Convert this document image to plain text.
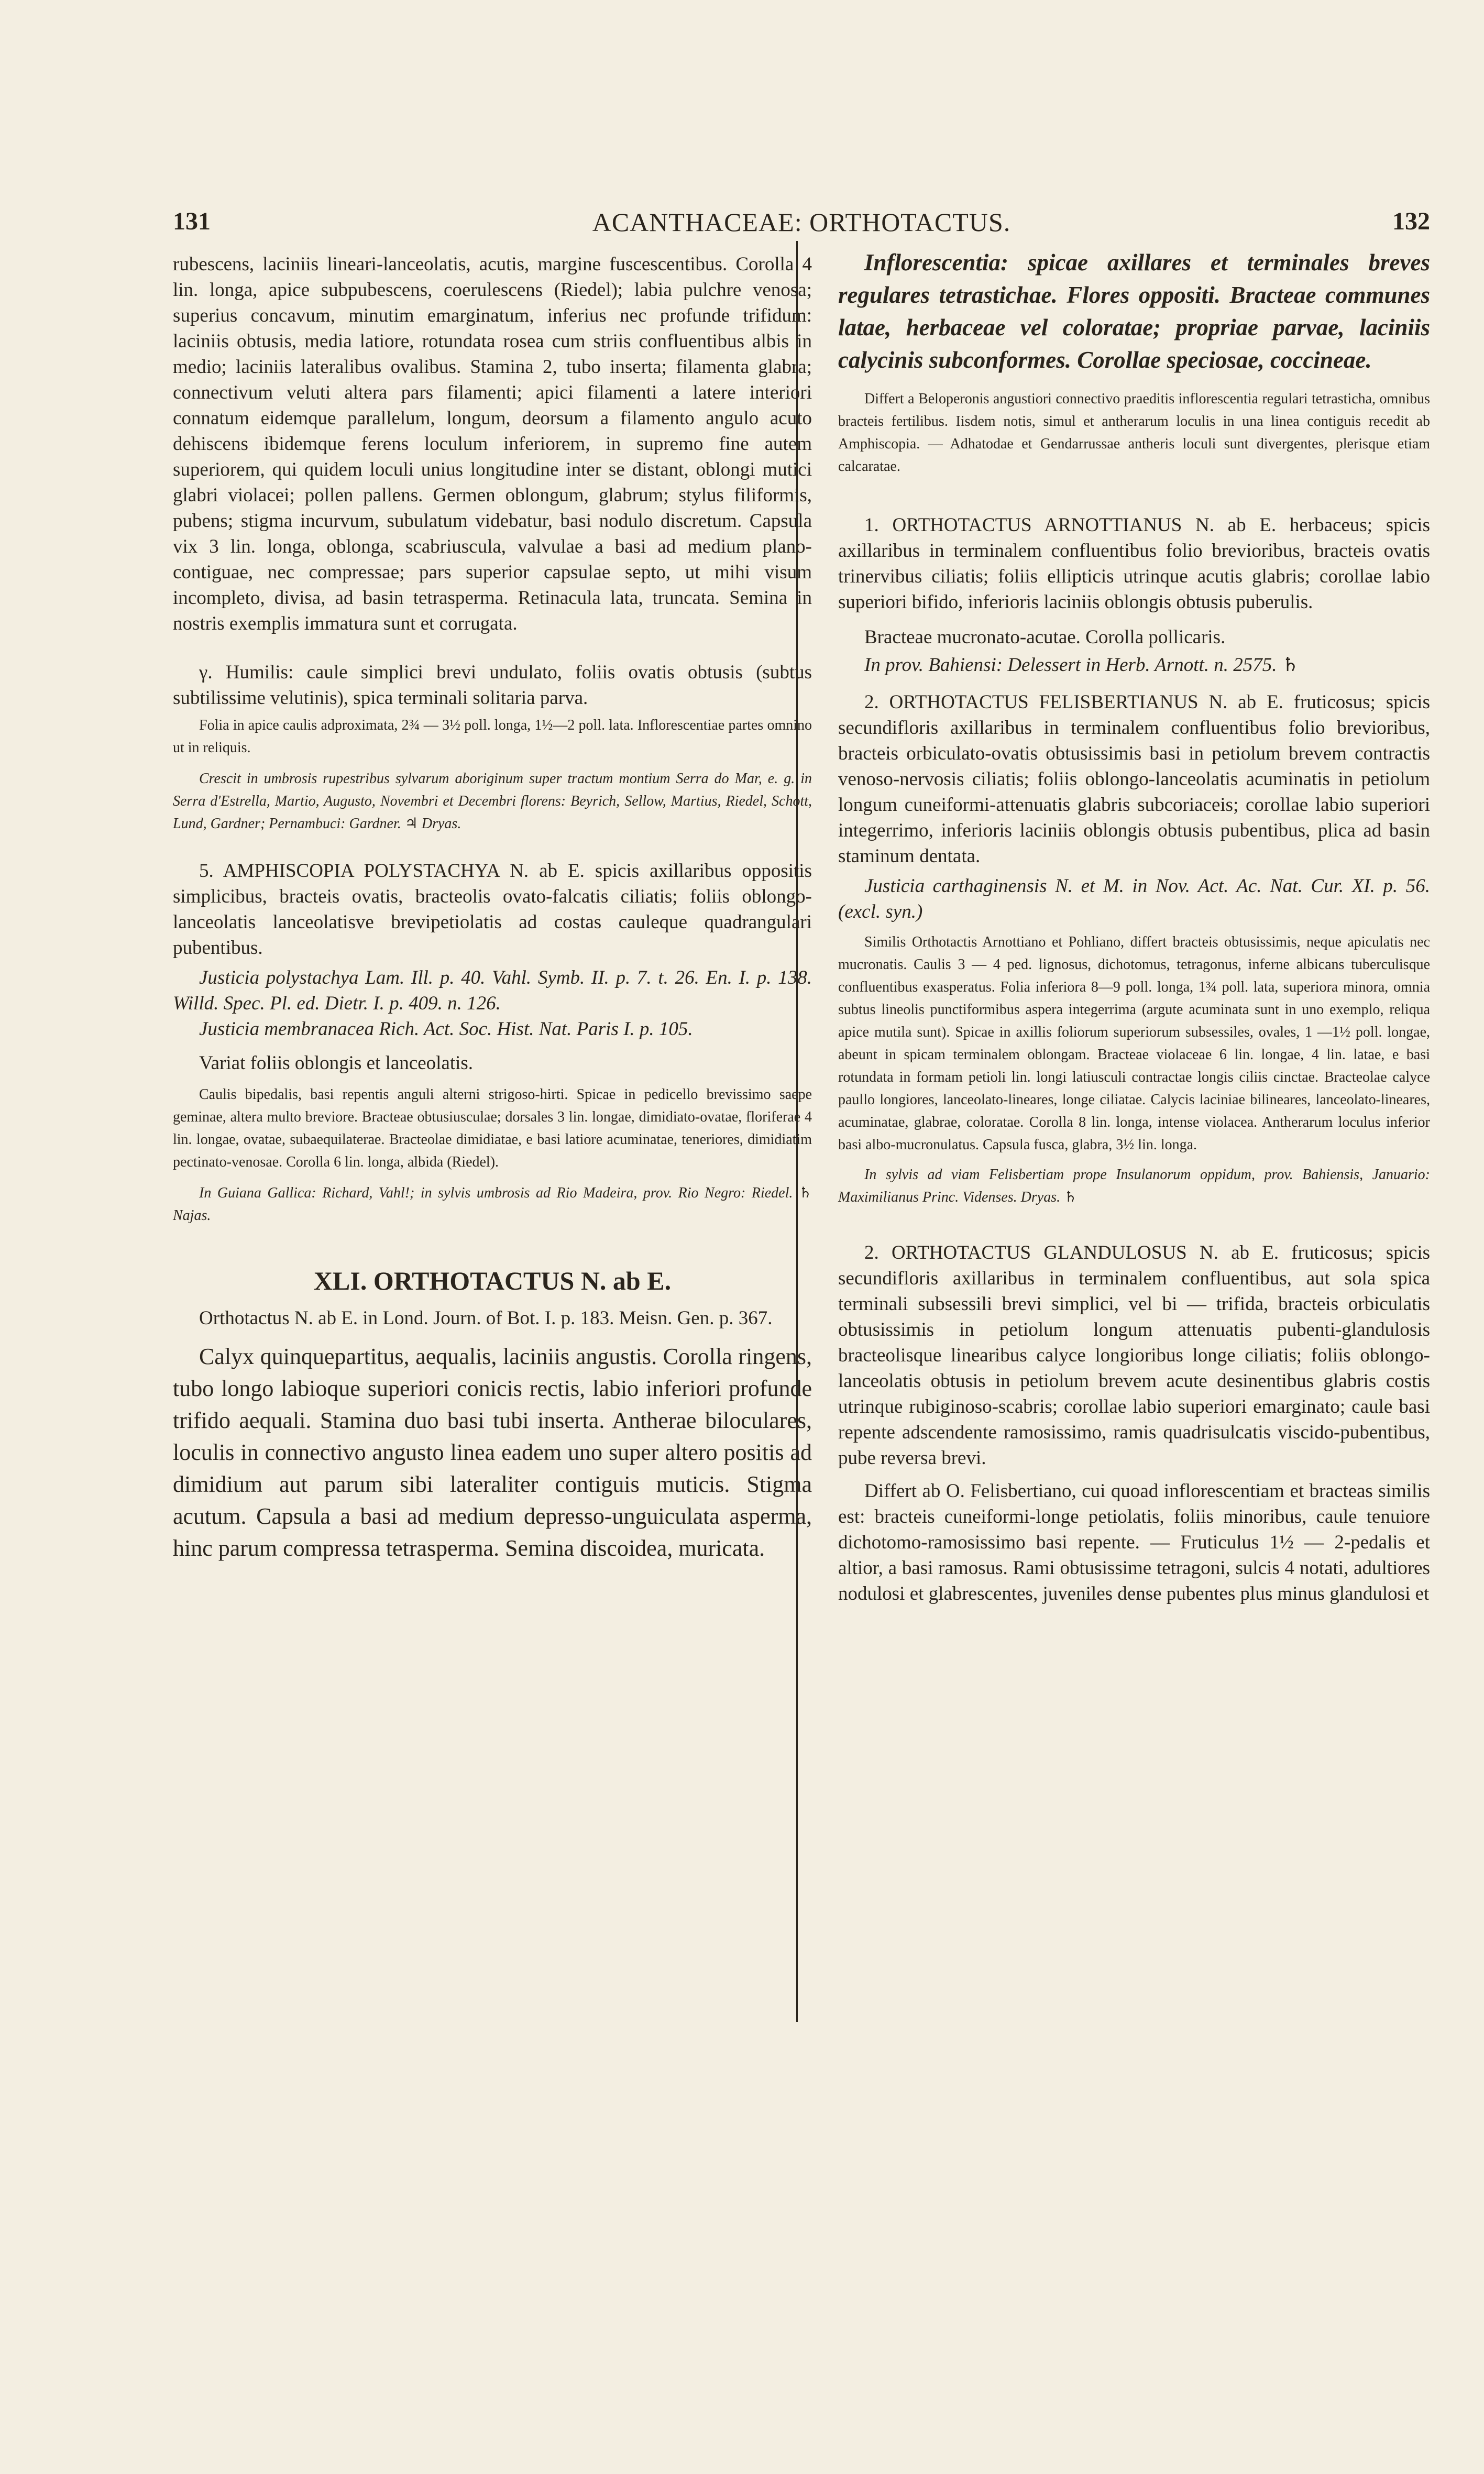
131	ACANTHACEAE: ORTHOTACTUS.	132

rubescens, laciniis lineari-lanceolatis, acutis, margine fuscescentibus. Corolla 4 lin. longa, apice subpubescens, coerulescens (Riedel); labia pulchre venosa; superius concavum, minutim emarginatum, inferius nec profunde trifidum: laciniis obtusis, media latiore, rotundata rosea cum striis confluentibus albis in medio; laciniis lateralibus ovalibus. Stamina 2, tubo inserta; filamenta glabra; connectivum veluti altera pars filamenti; apici filamenti a latere interiori connatum eidemque parallelum, longum, deorsum a filamento angulo acuto dehiscens ibidemque ferens loculum inferiorem, in supremo fine autem superiorem, qui quidem loculi unius longitudine inter se distant, oblongi mutici glabri violacei; pollen pallens. Germen oblongum, glabrum; stylus filiformis, pubens; stigma incurvum, subulatum videbatur, basi nodulo discretum. Capsula vix 3 lin. longa, oblonga, scabriuscula, valvulae a basi ad medium plano-contiguae, nec compressae; pars superior capsulae septo, ut mihi visum incompleto, divisa, ad basin tetrasperma. Retinacula lata, truncata. Semina in nostris exemplis immatura sunt et corrugata.

γ. Humilis: caule simplici brevi undulato, foliis ovatis obtusis (subtus subtilissime velutinis), spica terminali solitaria parva.

Folia in apice caulis adproximata, 2¾ — 3½ poll. longa, 1½—2 poll. lata. Inflorescentiae partes omnino ut in reliquis.

Crescit in umbrosis rupestribus sylvarum aboriginum super tractum montium Serra do Mar, e. g. in Serra d'Estrella, Martio, Augusto, Novembri et Decembri florens: Beyrich, Sellow, Martius, Riedel, Schott, Lund, Gardner; Pernambuci: Gardner. ♃ Dryas.

5. AMPHISCOPIA POLYSTACHYA N. ab E. spicis axillaribus oppositis simplicibus, bracteis ovatis, bracteolis ovato-falcatis ciliatis; foliis oblongo-lanceolatis lanceolatisve brevipetiolatis ad costas cauleque quadrangulari pubentibus.

Justicia polystachya Lam. Ill. p. 40. Vahl. Symb. II. p. 7. t. 26. En. I. p. 138. Willd. Spec. Pl. ed. Dietr. I. p. 409. n. 126.

Justicia membranacea Rich. Act. Soc. Hist. Nat. Paris I. p. 105.

Variat foliis oblongis et lanceolatis.

Caulis bipedalis, basi repentis anguli alterni strigoso-hirti. Spicae in pedicello brevissimo saepe geminae, altera multo breviore. Bracteae obtusiusculae; dorsales 3 lin. longae, dimidiato-ovatae, floriferae 4 lin. longae, ovatae, subaequilaterae. Bracteolae dimidiatae, e basi latiore acuminatae, teneriores, dimidiatim pectinato-venosae. Corolla 6 lin. longa, albida (Riedel).

In Guiana Gallica: Richard, Vahl!; in sylvis umbrosis ad Rio Madeira, prov. Rio Negro: Riedel. ♄ Najas.

XLI. ORTHOTACTUS N. ab E.

Orthotactus N. ab E. in Lond. Journ. of Bot. I. p. 183. Meisn. Gen. p. 367.

Calyx quinquepartitus, aequalis, laciniis angustis. Corolla ringens, tubo longo labioque superiori conicis rectis, labio inferiori profunde trifido aequali. Stamina duo basi tubi inserta. Antherae biloculares, loculis in connectivo angusto linea eadem uno super altero positis ad dimidium aut parum sibi lateraliter contiguis muticis. Stigma acutum. Capsula a basi ad medium depresso-unguiculata asperma, hinc parum compressa tetrasperma. Semina discoidea, muricata.

Inflorescentia: spicae axillares et terminales breves regulares tetrastichae. Flores oppositi. Bracteae communes latae, herbaceae vel coloratae; propriae parvae, laciniis calycinis subconformes. Corollae speciosae, coccineae.

Differt a Beloperonis angustiori connectivo praeditis inflorescentia regulari tetrasticha, omnibus bracteis fertilibus. Iisdem notis, simul et antherarum loculis in una linea contiguis recedit ab Amphiscopia. — Adhatodae et Gendarrussae antheris loculi sunt divergentes, plerisque etiam calcaratae.

1. ORTHOTACTUS ARNOTTIANUS N. ab E. herbaceus; spicis axillaribus in terminalem confluentibus folio brevioribus, bracteis ovatis trinervibus ciliatis; foliis ellipticis utrinque acutis glabris; corollae labio superiori bifido, inferioris laciniis oblongis obtusis puberulis.

Bracteae mucronato-acutae. Corolla pollicaris.

In prov. Bahiensi: Delessert in Herb. Arnott. n. 2575. ♄

2. ORTHOTACTUS FELISBERTIANUS N. ab E. fruticosus; spicis secundifloris axillaribus in terminalem confluentibus folio brevioribus, bracteis orbiculato-ovatis obtusissimis basi in petiolum brevem contractis venoso-nervosis ciliatis; foliis oblongo-lanceolatis acuminatis in petiolum longum cuneiformi-attenuatis glabris subcoriaceis; corollae labio superiori integerrimo, inferioris laciniis oblongis obtusis pubentibus, plica ad basin staminum dentata.

Justicia carthaginensis N. et M. in Nov. Act. Ac. Nat. Cur. XI. p. 56. (excl. syn.)

Similis Orthotactis Arnottiano et Pohliano, differt bracteis obtusissimis, neque apiculatis nec mucronatis. Caulis 3 — 4 ped. lignosus, dichotomus, tetragonus, inferne albicans tuberculisque confluentibus exasperatus. Folia inferiora 8—9 poll. longa, 1¾ poll. lata, superiora minora, omnia subtus lineolis punctiformibus aspera integerrima (argute acuminata sunt in uno exemplo, reliqua apice mutila sunt). Spicae in axillis foliorum superiorum subsessiles, ovales, 1 —1½ poll. longae, abeunt in spicam terminalem oblongam. Bracteae violaceae 6 lin. longae, 4 lin. latae, e basi rotundata in formam petioli lin. longi latiusculi contractae longis ciliis cinctae. Bracteolae calyce paullo longiores, lanceolato-lineares, longe ciliatae. Calycis laciniae bilineares, lanceolato-lineares, acuminatae, glabrae, coloratae. Corolla 8 lin. longa, intense violacea. Antherarum loculus inferior basi albo-mucronulatus. Capsula fusca, glabra, 3½ lin. longa.

In sylvis ad viam Felisbertiam prope Insulanorum oppidum, prov. Bahiensis, Januario: Maximilianus Princ. Videnses. Dryas. ♄

2. ORTHOTACTUS GLANDULOSUS N. ab E. fruticosus; spicis secundifloris axillaribus in terminalem confluentibus, aut sola spica terminali subsessili brevi simplici, vel bi — trifida, bracteis orbiculatis obtusissimis in petiolum longum attenuatis pubenti-glandulosis bracteolisque linearibus calyce longioribus longe ciliatis; foliis oblongo-lanceolatis obtusis in petiolum brevem acute desinentibus glabris costis utrinque rubiginoso-scabris; corollae labio superiori emarginato; caule basi repente adscendente ramosissimo, ramis quadrisulcatis viscido-pubentibus, pube reversa brevi.

Differt ab O. Felisbertiano, cui quoad inflorescentiam et bracteas similis est: bracteis cuneiformi-longe petiolatis, foliis minoribus, caule tenuiore dichotomo-ramosissimo basi repente. — Fruticulus 1½ — 2-pedalis et altior, a basi ramosus. Rami obtusissime tetragoni, sulcis 4 notati, adultiores nodulosi et glabrescentes, juveniles dense pubentes plus minus glandulosi et
